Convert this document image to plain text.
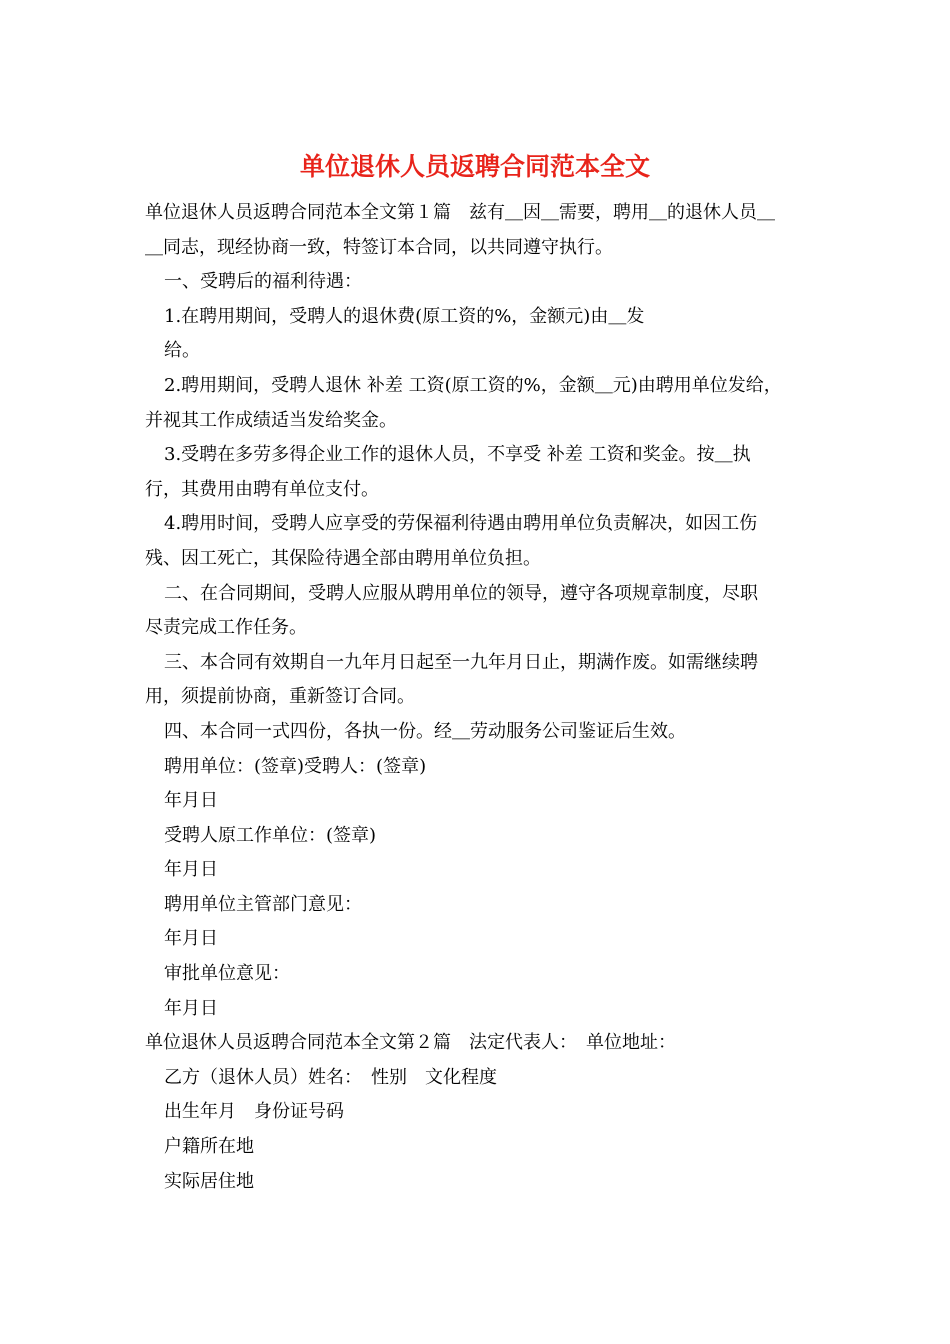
单位退休人员返聘合同范本全文
单位退休人员返聘合同范本全文第１篇　兹有＿因＿需要，聘用＿的退休人员＿
＿同志，现经协商一致，特签订本合同，以共同遵守执行。
一、受聘后的福利待遇：
1.在聘用期间，受聘人的退休费(原工资的%，金额元)由＿发
给。
2.聘用期间，受聘人退休 补差 工资(原工资的%，金额＿元)由聘用单位发给，
并视其工作成绩适当发给奖金。
3.受聘在多劳多得企业工作的退休人员，不享受 补差 工资和奖金。按＿执
行，其费用由聘有单位支付。
4.聘用时间，受聘人应享受的劳保福利待遇由聘用单位负责解决，如因工伤
残、因工死亡，其保险待遇全部由聘用单位负担。
二、在合同期间，受聘人应服从聘用单位的领导，遵守各项规章制度，尽职
尽责完成工作任务。
三、本合同有效期自一九年月日起至一九年月日止，期满作废。如需继续聘
用，须提前协商，重新签订合同。
四、本合同一式四份，各执一份。经＿劳动服务公司鉴证后生效。
聘用单位：(签章)受聘人：(签章)
年月日
受聘人原工作单位：(签章)
年月日
聘用单位主管部门意见：
年月日
审批单位意见：
年月日
单位退休人员返聘合同范本全文第２篇　法定代表人：　单位地址：
乙方（退休人员）姓名：　性别　文化程度
出生年月　身份证号码
户籍所在地
实际居住地
